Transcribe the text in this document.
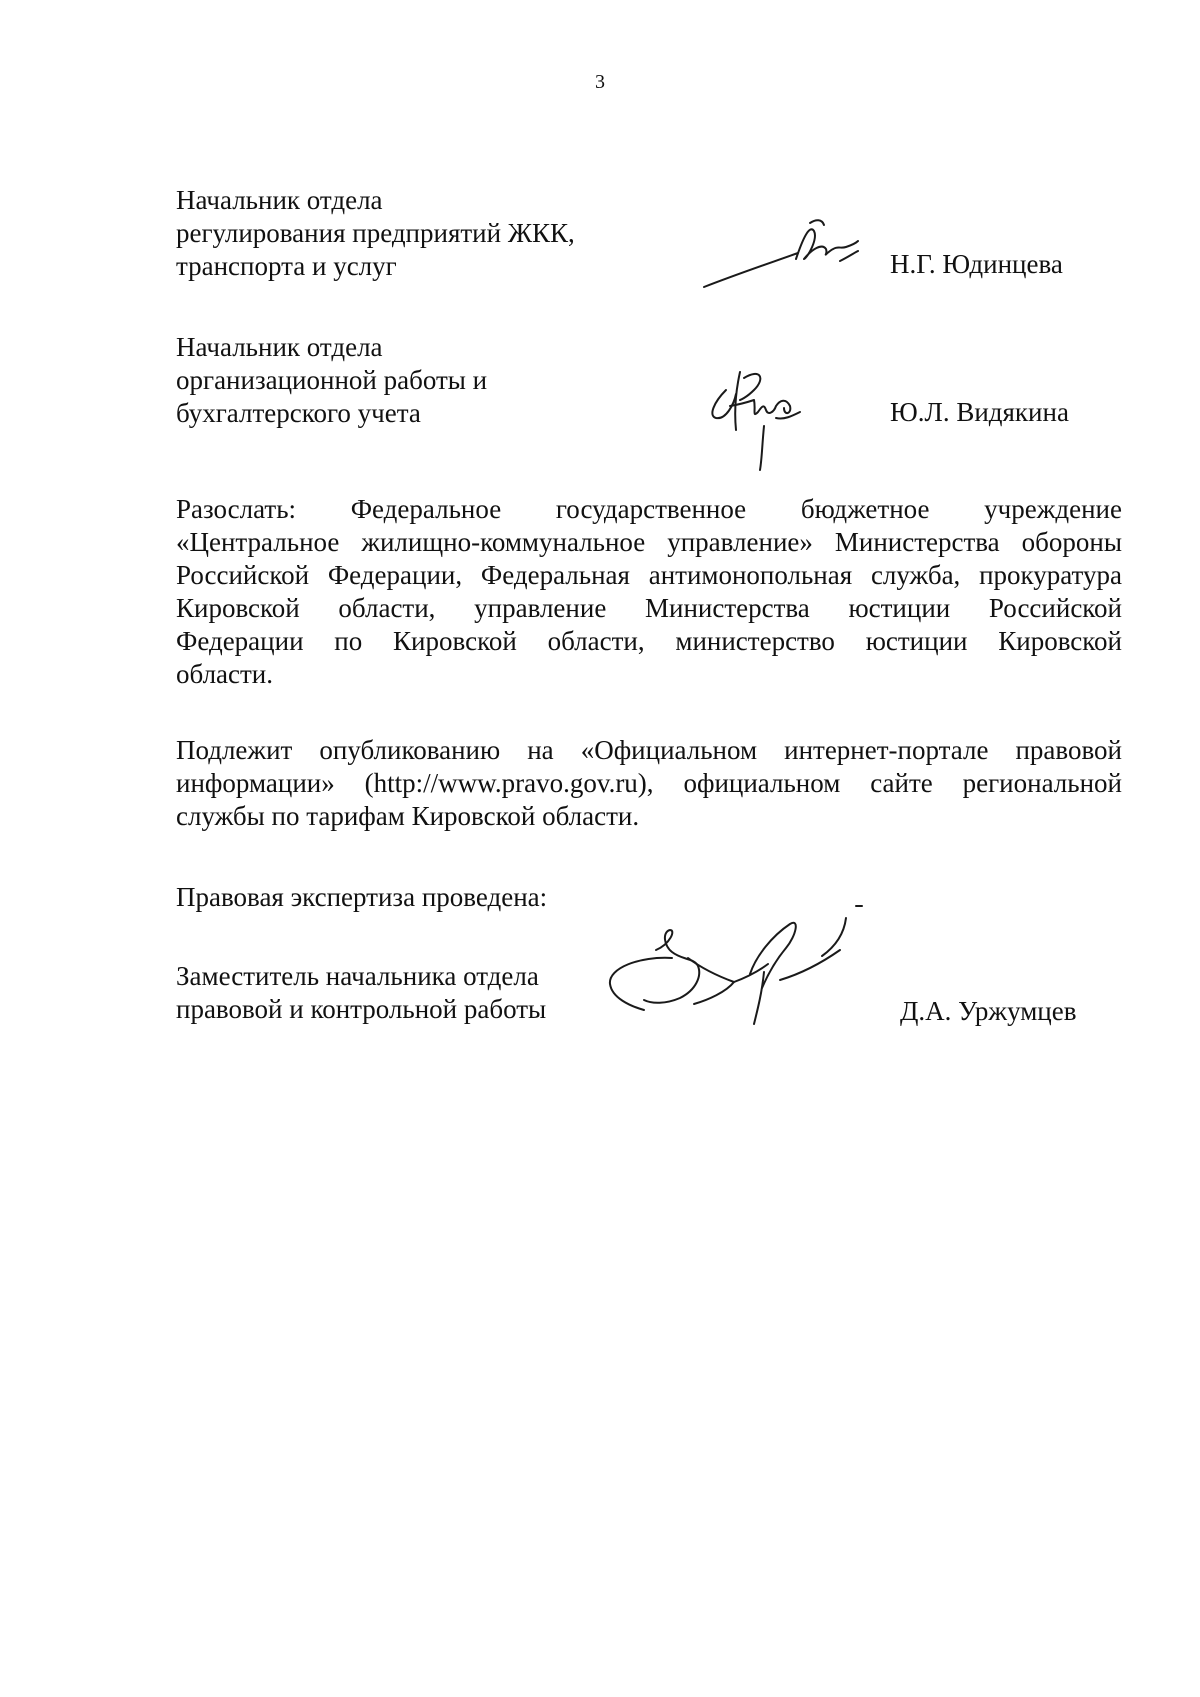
3
Начальник отдела
регулирования предприятий ЖКК,
транспорта и услуг	Н.Г. Юдинцева
Начальник отдела
организационной работы и
бухгалтерского учета	Ю.Л. Видякина
Разослать: Федеральное государственное бюджетное учреждение
«Центральное жилищно-коммунальное управление» Министерства обороны
Российской Федерации, Федеральная антимонопольная служба, прокуратура
Кировской области, управление Министерства юстиции Российской
Федерации по Кировской области, министерство юстиции Кировской
области.
Подлежит опубликованию на «Официальном интернет-портале правовой
информации» (http://www.pravo.gov.ru), официальном сайте региональной
службы по тарифам Кировской области.
Правовая экспертиза проведена:
Заместитель начальника отдела
правовой и контрольной работы	Д.А. Уржумцев
